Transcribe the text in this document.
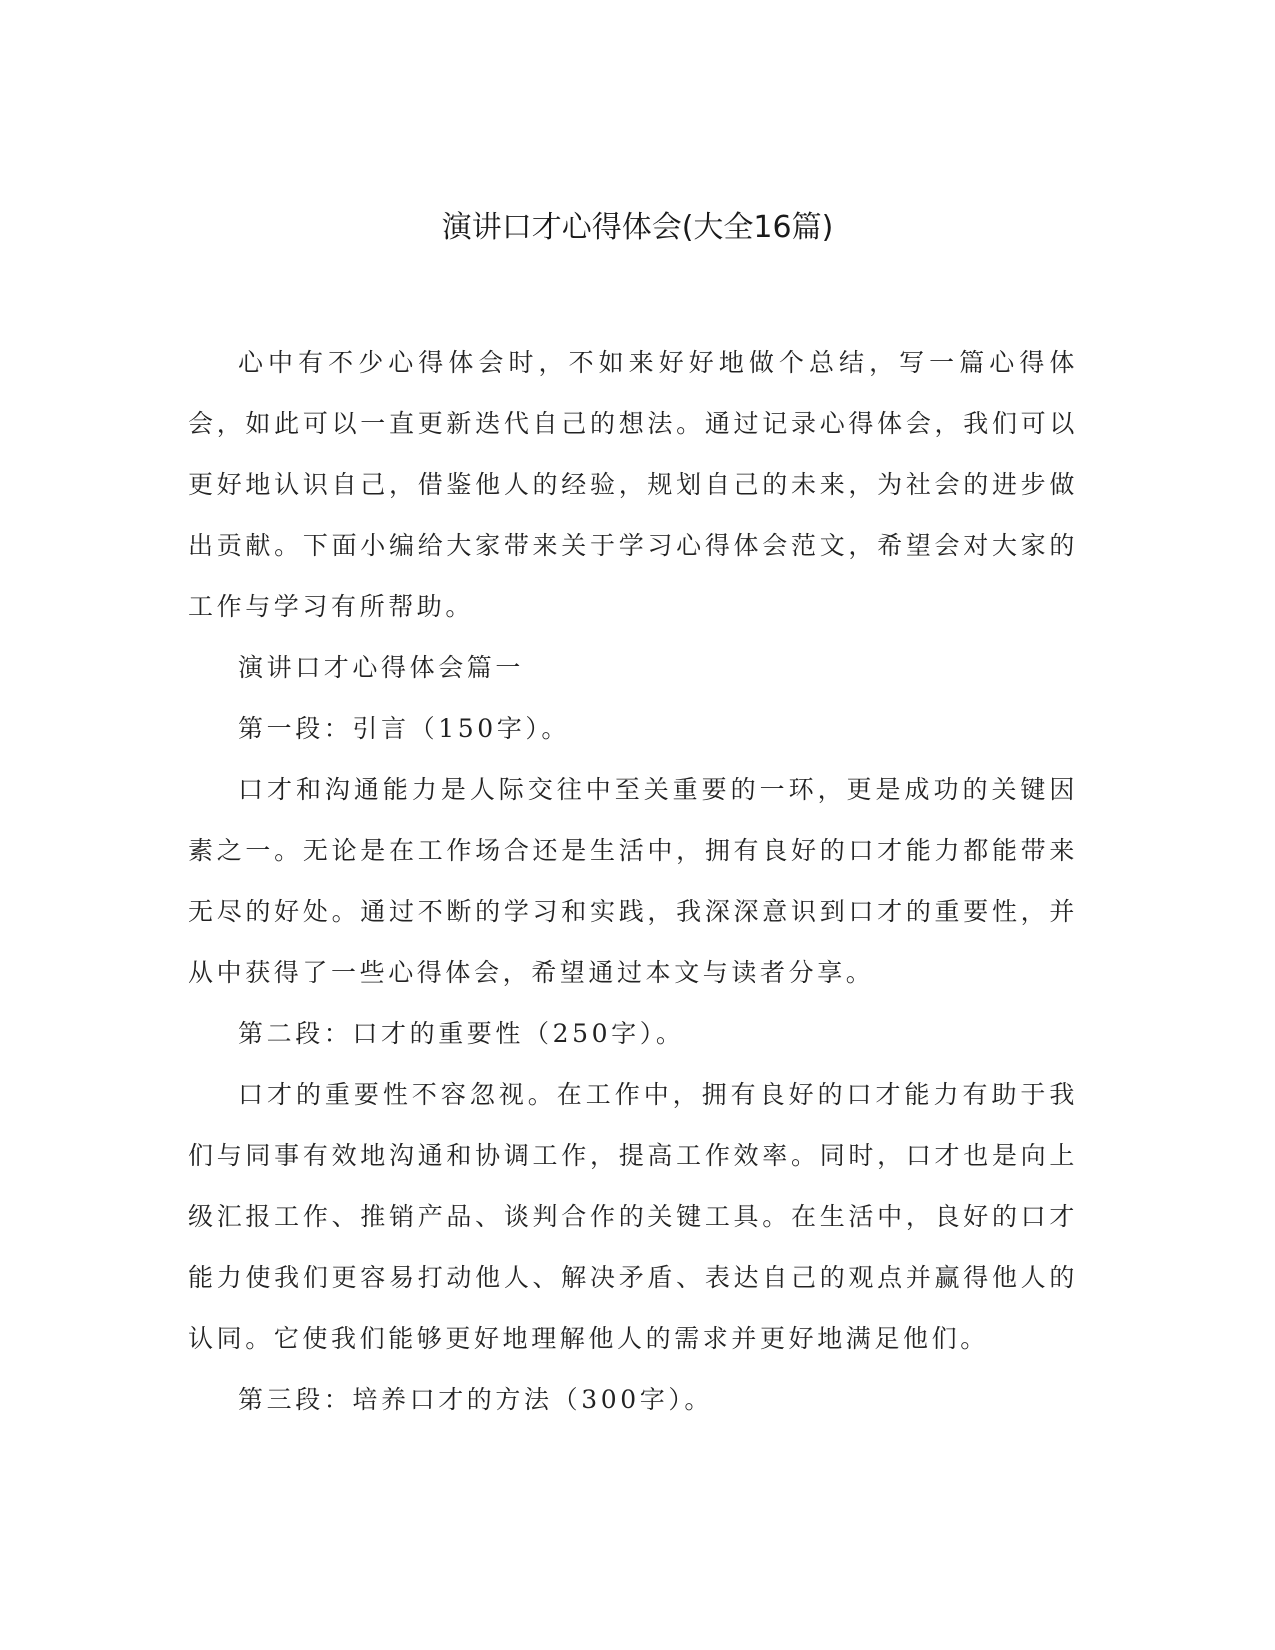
演讲口才心得体会(大全16篇)

心中有不少心得体会时，不如来好好地做个总结，写一篇心得体会，如此可以一直更新迭代自己的想法。通过记录心得体会，我们可以更好地认识自己，借鉴他人的经验，规划自己的未来，为社会的进步做出贡献。下面小编给大家带来关于学习心得体会范文，希望会对大家的工作与学习有所帮助。

演讲口才心得体会篇一

第一段：引言（150字）。

口才和沟通能力是人际交往中至关重要的一环，更是成功的关键因素之一。无论是在工作场合还是生活中，拥有良好的口才能力都能带来无尽的好处。通过不断的学习和实践，我深深意识到口才的重要性，并从中获得了一些心得体会，希望通过本文与读者分享。

第二段：口才的重要性（250字）。

口才的重要性不容忽视。在工作中，拥有良好的口才能力有助于我们与同事有效地沟通和协调工作，提高工作效率。同时，口才也是向上级汇报工作、推销产品、谈判合作的关键工具。在生活中，良好的口才能力使我们更容易打动他人、解决矛盾、表达自己的观点并赢得他人的认同。它使我们能够更好地理解他人的需求并更好地满足他们。

第三段：培养口才的方法（300字）。
